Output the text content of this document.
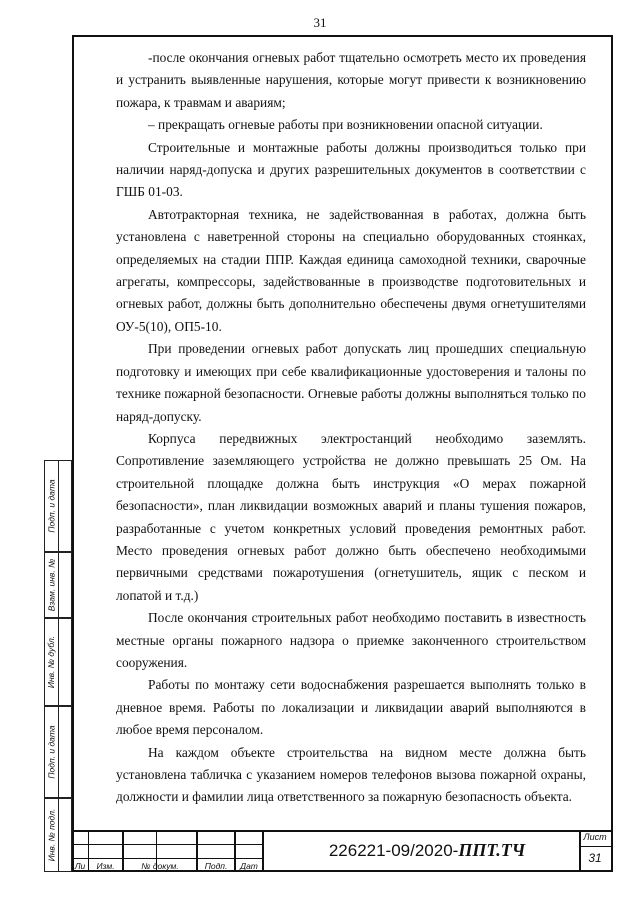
31

-после окончания огневых работ тщательно осмотреть место их проведения и устранить выявленные нарушения, которые могут привести к возникновению пожара, к травмам и авариям;

– прекращать огневые работы при возникновении опасной ситуации.

Строительные и монтажные работы должны производиться только при наличии наряд-допуска и других разрешительных документов в соответствии с ГШБ 01-03.

Автотракторная техника, не задействованная в работах, должна быть установлена с наветренной стороны на специально оборудованных стоянках, определяемых на стадии ППР. Каждая единица самоходной техники, сварочные агрегаты, компрессоры, задействованные в производстве подготовительных и огневых работ, должны быть дополнительно обеспечены двумя огнетушителями ОУ-5(10), ОП5-10.

При проведении огневых работ допускать лиц прошедших специальную подготовку и имеющих при себе квалификационные удостоверения и талоны по технике пожарной безопасности. Огневые работы должны выполняться только по наряд-допуску.

Корпуса передвижных электростанций необходимо заземлять. Сопротивление заземляющего устройства не должно превышать 25 Ом. На строительной площадке должна быть инструкция «О мерах пожарной безопасности», план ликвидации возможных аварий и планы тушения пожаров, разработанные с учетом конкретных условий проведения ремонтных работ. Место проведения огневых работ должно быть обеспечено необходимыми первичными средствами пожаротушения (огнетушитель, ящик с песком и лопатой и т.д.)

После окончания строительных работ необходимо поставить в известность местные органы пожарного надзора о приемке законченного строительством сооружения.

Работы по монтажу сети водоснабжения разрешается выполнять только в дневное время. Работы по локализации и ликвидации аварий выполняются в любое время персоналом.

На каждом объекте строительства на видном месте должна быть установлена табличка с указанием номеров телефонов вызова пожарной охраны, должности и фамилии лица ответственного за пожарную безопасность объекта.

Подп. и дата
Взам. инв. №
Инв. № дубл.
Подп. и дата
Инв. № подл.
Ли	Изм.	№ докум.	Подп.	Дат
226221-09/2020-ППТ.ТЧ
Лист
31
